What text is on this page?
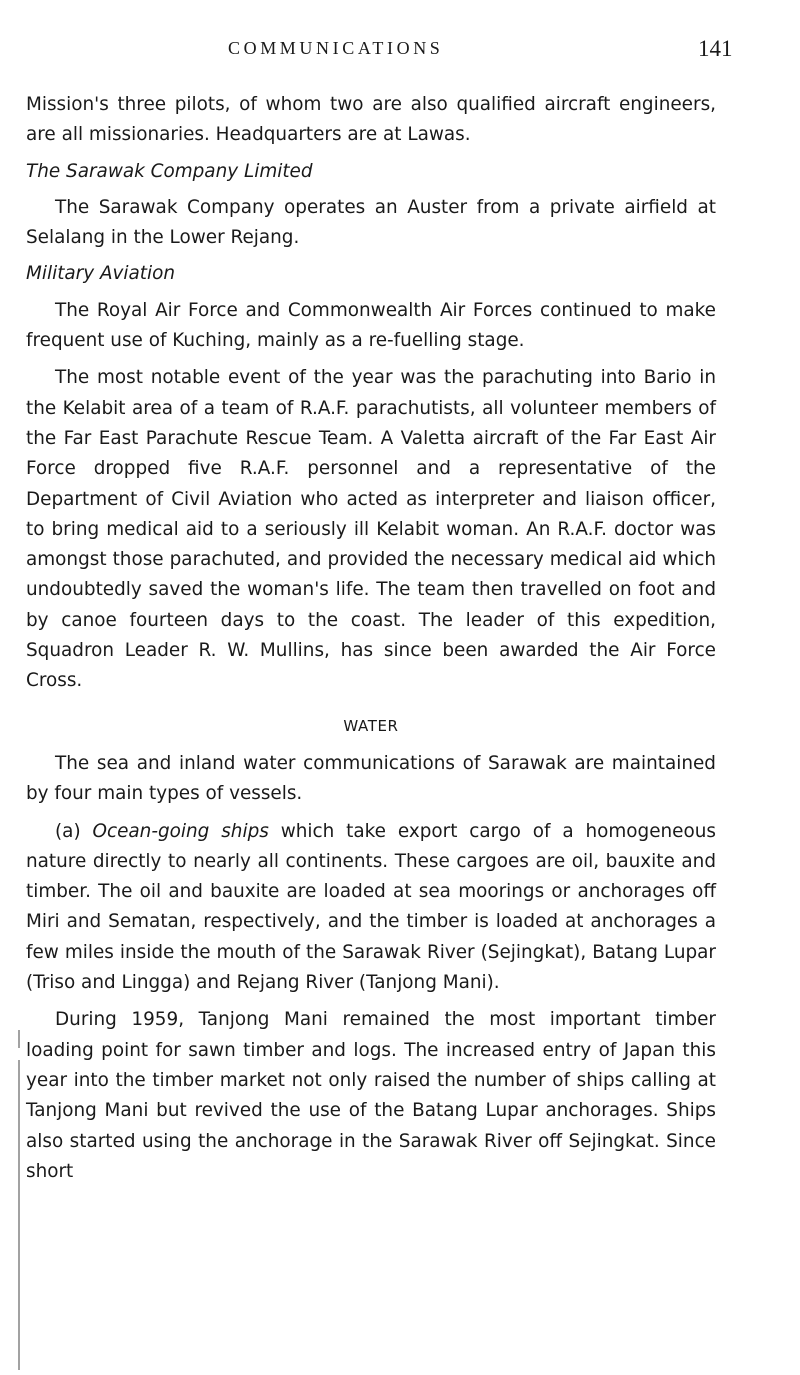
COMMUNICATIONS	141

Mission's three pilots, of whom two are also qualified aircraft engineers, are all missionaries. Headquarters are at Lawas.

The Sarawak Company Limited

The Sarawak Company operates an Auster from a private airfield at Selalang in the Lower Rejang.

Military Aviation

The Royal Air Force and Commonwealth Air Forces continued to make frequent use of Kuching, mainly as a re-fuelling stage.

The most notable event of the year was the parachuting into Bario in the Kelabit area of a team of R.A.F. parachutists, all volunteer members of the Far East Parachute Rescue Team. A Valetta aircraft of the Far East Air Force dropped five R.A.F. personnel and a representative of the Department of Civil Aviation who acted as interpreter and liaison officer, to bring medical aid to a seriously ill Kelabit woman. An R.A.F. doctor was amongst those parachuted, and provided the necessary medical aid which undoubtedly saved the woman's life. The team then travelled on foot and by canoe fourteen days to the coast. The leader of this expedition, Squadron Leader R. W. Mullins, has since been awarded the Air Force Cross.

WATER

The sea and inland water communications of Sarawak are maintained by four main types of vessels.

(a) Ocean-going ships which take export cargo of a homogeneous nature directly to nearly all continents. These cargoes are oil, bauxite and timber. The oil and bauxite are loaded at sea moorings or anchorages off Miri and Sematan, respectively, and the timber is loaded at anchorages a few miles inside the mouth of the Sarawak River (Sejingkat), Batang Lupar (Triso and Lingga) and Rejang River (Tanjong Mani).

During 1959, Tanjong Mani remained the most important timber loading point for sawn timber and logs. The increased entry of Japan this year into the timber market not only raised the number of ships calling at Tanjong Mani but revived the use of the Batang Lupar anchorages. Ships also started using the anchorage in the Sarawak River off Sejingkat. Since short
